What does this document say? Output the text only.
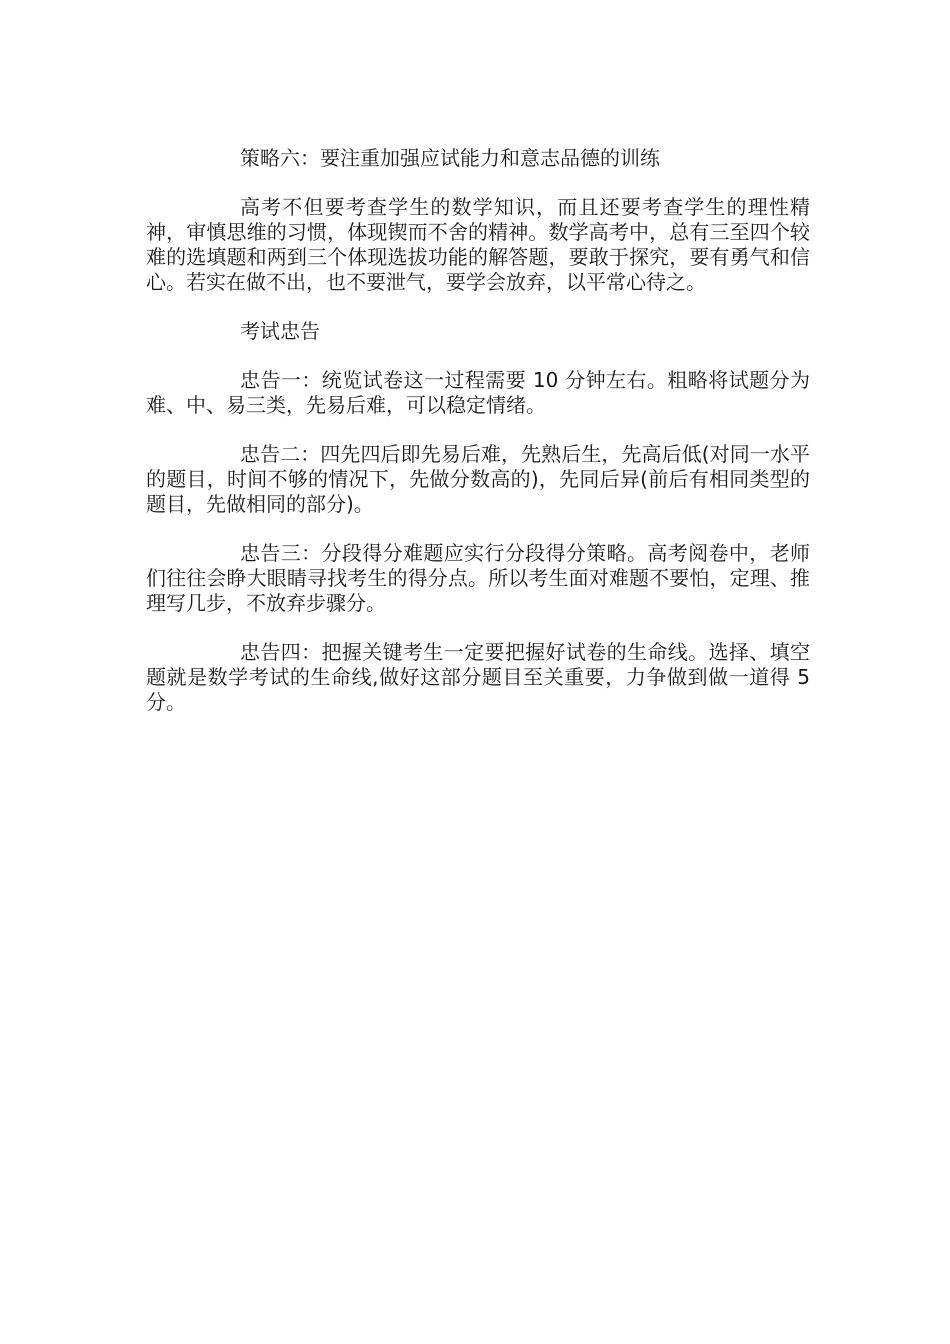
策略六：要注重加强应试能力和意志品德的训练

高考不但要考查学生的数学知识，而且还要考查学生的理性精神，审慎思维的习惯，体现锲而不舍的精神。数学高考中，总有三至四个较难的选填题和两到三个体现选拔功能的解答题，要敢于探究，要有勇气和信心。若实在做不出，也不要泄气，要学会放弃，以平常心待之。

考试忠告

忠告一：统览试卷这一过程需要 10 分钟左右。粗略将试题分为难、中、易三类，先易后难，可以稳定情绪。

忠告二：四先四后即先易后难，先熟后生，先高后低(对同一水平的题目，时间不够的情况下，先做分数高的)，先同后异(前后有相同类型的题目，先做相同的部分)。

忠告三：分段得分难题应实行分段得分策略。高考阅卷中，老师们往往会睁大眼睛寻找考生的得分点。所以考生面对难题不要怕，定理、推理写几步，不放弃步骤分。

忠告四：把握关键考生一定要把握好试卷的生命线。选择、填空题就是数学考试的生命线,做好这部分题目至关重要，力争做到做一道得 5 分。
